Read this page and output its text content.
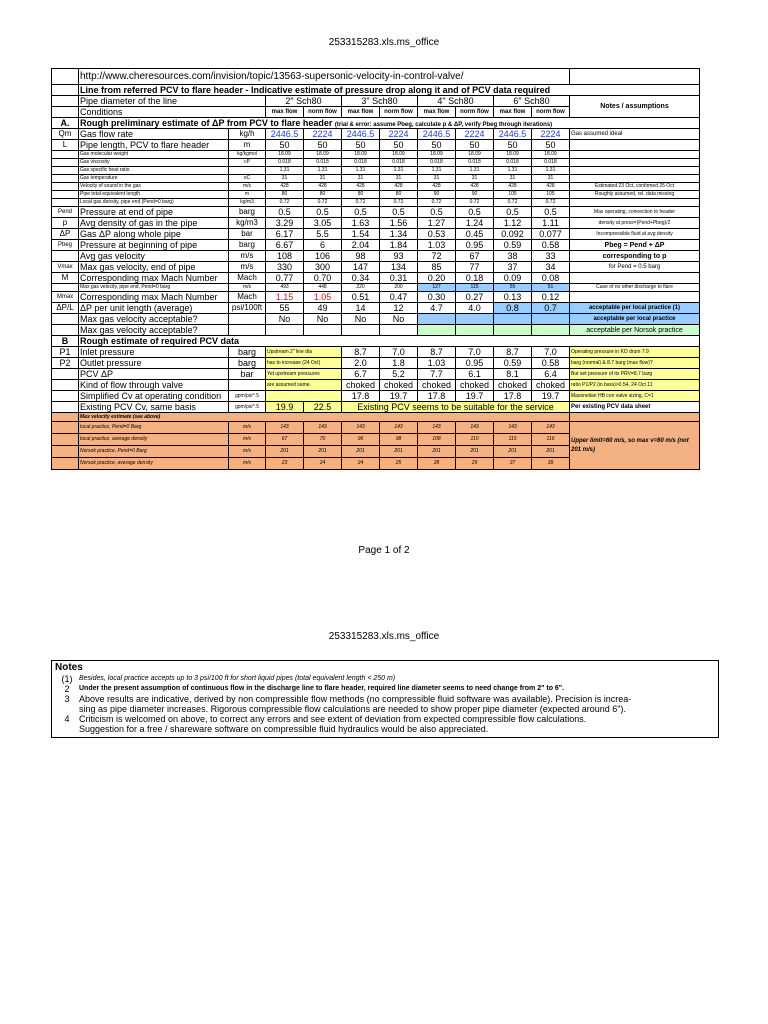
253315283.xls.ms_office
Page 1 of 2
253315283.xls.ms_office
	http://www.cheresources.com/invision/topic/13563-supersonic-velocity-in-control-valve/										
	Line from referred PCV to flare header - Indicative estimate of pressure drop along it and of PCV data required										
	Pipe diameter of the line		2" Sch80		3" Sch80		4" Sch80		6" Sch80		Notes / assumptions
	Conditions		max flow	norm flow	max flow	norm flow	max flow	norm flow	max flow	norm flow	
A.	Rough preliminary estimate of ΔP from PCV to flare header (trial & error: assume Pbeg, calculate p & ΔP, verify Pbeg through iterations)										
Qm	Gas flow rate	kg/h	2446.5	2224	2446.5	2224	2446.5	2224	2446.5	2224	Gas assumed ideal
L	Pipe length, PCV to flare header	m	50	50	50	50	50	50	50	50	
	Gas molecular weight	kg/kgmol	18.09	18.09	18.09	18.09	18.09	18.09	18.09	18.09	
	Gas viscosity	cP	0.018	0.018	0.018	0.018	0.018	0.018	0.018	0.018	
	Gas specific heat ratio		1.31	1.31	1.31	1.31	1.31	1.31	1.31	1.31	
	Gas temperature	oC	31	31	31	31	31	31	31	31	
	Velocity of sound in the gas	m/s	428	428	428	428	428	428	428	428	Estimated 23 Oct, confirmed 25 Oct
	Pipe total equivalent length	m	80	80	80	80	90	90	105	105	Roughly assumed, rel. data missing
	Local gas density, pipe end (Pend=0 barg)	kg/m3	0.72	0.72	0.72	0.72	0.72	0.72	0.72	0.72	
Pend	Pressure at end of pipe	barg	0.5	0.5	0.5	0.5	0.5	0.5	0.5	0.5	Max operating, connection to header
p	Avg density of gas in the pipe	kg/m3	3.29	3.05	1.63	1.56	1.27	1.24	1.12	1.11	density at press=(Pend+Pbeg)/2
ΔP	Gas ΔP along whole pipe	bar	6.17	5.5	1.54	1.34	0.53	0.45	0.092	0.077	Incompressible fluid at avg density
Pbeg	Pressure at beginning of pipe	barg	6.67	6	2.04	1.84	1.03	0.95	0.59	0.58	Pbeg = Pend + ΔP
	Avg gas velocity	m/s	108	106	98	93	72	67	38	33	corresponding to p
Vmax	Max gas velocity, end of pipe	m/s	330	300	147	134	85	77	37	34	for Pend = 0.5 barg
M	Corresponding max Mach Number	Mach	0.77	0.70	0.34	0.31	0.20	0.18	0.09	0.08	
	Max gas velocity, pipe end, Pend=0 barg	m/s	493	448	220	200	127	115	55	51	Case of no other discharge to flare
Mmax	Corresponding max Mach Number	Mach	1.15	1.05	0.51	0.47	0.30	0.27	0.13	0.12	
ΔP/L	ΔP per unit length (average)	psi/100ft	55	49	14	12	4.7	4.0	0.8	0.7	acceptable per local practice (1)
	Max gas velocity acceptable?		No	No	No	No					acceptable per local practice
	Max gas velocity acceptable?										acceptable per Norsok practice
B	Rough estimate of required PCV data										
P1	Inlet pressure	barg	Upstream 2" line dia		8.7	7.0	8.7	7.0	8.7	7.0	Operating pressure in KO drum 7.9
P2	Outlet pressure	barg	has to increase (24 Oct)		2.0	1.8	1.03	0.95	0.59	0.58	barg (normal) & 8.7 barg (max flow)?
	PCV ΔP	bar	Yet upstream pressures		6.7	5.2	7.7	6.1	8.1	6.4	But set pressure of its PRV=8.7 barg
	Kind of flow through valve		are assumed same.		choked	choked	choked	choked	choked	choked	ratio P1/P2 (in bara)>0.54, 24 Oct 11
	Simplified Cv at operating condition	gpm/psi^.5			17.8	19.7	17.8	19.7	17.8	19.7	Masoneilan HB con valve sizing, C=1
	Existing PCV Cv, same basis	gpm/psi^.5	19.9	22.5	Existing PCV seems to be suitable for the service						Per existing PCV data sheet
	Max velocity estimate (see above)										
	local practice, Pend=0 Barg	m/s	143	143	143	143	143	143	143	143	Upper limit=60 m/s, so max v=60 m/s (not 201 m/s)
	local practice, average density	m/s	67	70	96	98	108	110	115	116	
	Norsok practice, Pend=0 Barg	m/s	201	201	201	201	201	201	201	201	
	Norsok practice, average density	m/s	23	24	24	25	28	29	37	39	
Notes
(1) Besides, local practice accepts up to 3 psi/100 ft for short liquid pipes (total equivalent length < 250 m)
2	Under the present assumption of continuous flow in the discharge line to flare header, required line diameter seems to need change from 2" to 6".
3	Above results are indicative, derived by non compressible flow methods (no compressible fluid software was available). Precision is increa-
sing as pipe diameter increases. Rigorous compressible flow calculations are needed to show proper pipe diameter (expected around 6").
4	Criticism is welcomed on above, to correct any errors and see extent of deviation from expected compressible flow calculations.
Suggestion for a free / shareware software on compressible fluid hydraulics would be also appreciated.
